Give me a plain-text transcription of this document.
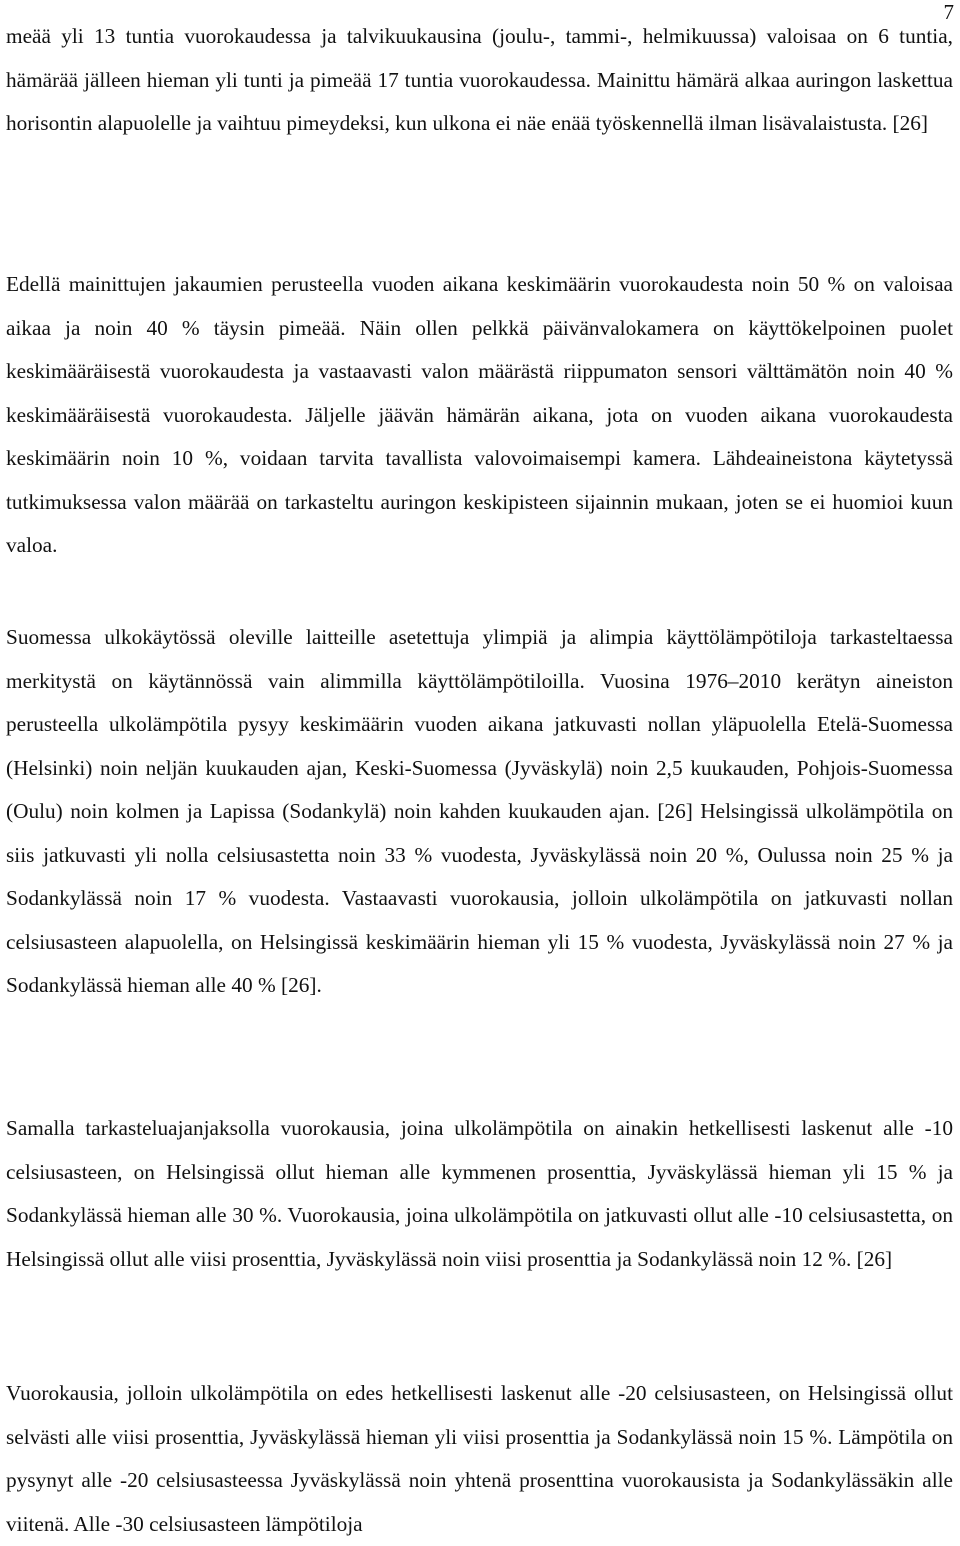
7

meää yli 13 tuntia vuorokaudessa ja talvikuukausina (joulu-, tammi-, helmikuussa) valoisaa on 6 tuntia, hämärää jälleen hieman yli tunti ja pimeää 17 tuntia vuorokaudessa. Mainittu hämärä alkaa auringon laskettua horisontin alapuolelle ja vaihtuu pimeydeksi, kun ulkona ei näe enää työskennellä ilman lisävalaistusta. [26]

Edellä mainittujen jakaumien perusteella vuoden aikana keskimäärin vuorokaudesta noin 50 % on valoisaa aikaa ja noin 40 % täysin pimeää. Näin ollen pelkkä päivänvalokamera on käyttökelpoinen puolet keskimääräisestä vuorokaudesta ja vastaavasti valon määrästä riippumaton sensori välttämätön noin 40 % keskimääräisestä vuorokaudesta. Jäljelle jäävän hämärän aikana, jota on vuoden aikana vuorokaudesta keskimäärin noin 10 %, voidaan tarvita tavallista valovoimaisempi kamera. Lähdeaineistona käytetyssä tutkimuksessa valon määrää on tarkasteltu auringon keskipisteen sijainnin mukaan, joten se ei huomioi kuun valoa.

Suomessa ulkokäytössä oleville laitteille asetettuja ylimpiä ja alimpia käyttölämpötiloja tarkasteltaessa merkitystä on käytännössä vain alimmilla käyttölämpötiloilla. Vuosina 1976–2010 kerätyn aineiston perusteella ulkolämpötila pysyy keskimäärin vuoden aikana jatkuvasti nollan yläpuolella Etelä-Suomessa (Helsinki) noin neljän kuukauden ajan, Keski-Suomessa (Jyväskylä) noin 2,5 kuukauden, Pohjois-Suomessa (Oulu) noin kolmen ja Lapissa (Sodankylä) noin kahden kuukauden ajan. [26] Helsingissä ulkolämpötila on siis jatkuvasti yli nolla celsiusastetta noin 33 % vuodesta, Jyväskylässä noin 20 %, Oulussa noin 25 % ja Sodankylässä noin 17 % vuodesta. Vastaavasti vuorokausia, jolloin ulkolämpötila on jatkuvasti nollan celsiusasteen alapuolella, on Helsingissä keskimäärin hieman yli 15 % vuodesta, Jyväskylässä noin 27 % ja Sodankylässä hieman alle 40 % [26].

Samalla tarkasteluajanjaksolla vuorokausia, joina ulkolämpötila on ainakin hetkellisesti laskenut alle -10 celsiusasteen, on Helsingissä ollut hieman alle kymmenen prosenttia, Jyväskylässä hieman yli 15 % ja Sodankylässä hieman alle 30 %. Vuorokausia, joina ulkolämpötila on jatkuvasti ollut alle -10 celsiusastetta, on Helsingissä ollut alle viisi prosenttia, Jyväskylässä noin viisi prosenttia ja Sodankylässä noin 12 %. [26]

Vuorokausia, jolloin ulkolämpötila on edes hetkellisesti laskenut alle -20 celsiusasteen, on Helsingissä ollut selvästi alle viisi prosenttia, Jyväskylässä hieman yli viisi prosenttia ja Sodankylässä noin 15 %. Lämpötila on pysynyt alle -20 celsiusasteessa Jyväskylässä noin yhtenä prosenttina vuorokausista ja Sodankylässäkin alle viitenä. Alle -30 celsiusasteen lämpötiloja
